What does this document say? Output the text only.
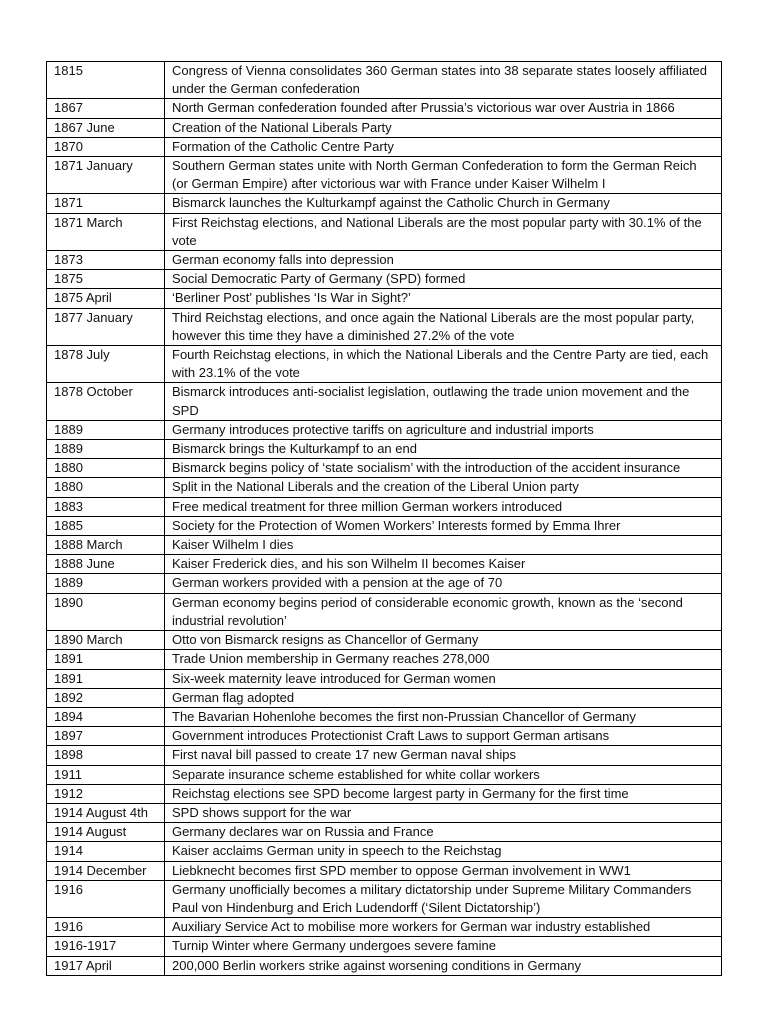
1815	Congress of Vienna consolidates 360 German states into 38 separate states loosely affiliated under the German confederation
1867	North German confederation founded after Prussia’s victorious war over Austria in 1866
1867 June	Creation of the National Liberals Party
1870	Formation of the Catholic Centre Party
1871 January	Southern German states unite with North German Confederation to form the German Reich (or German Empire) after victorious war with France under Kaiser Wilhelm I
1871	Bismarck launches the Kulturkampf against the Catholic Church in Germany
1871 March	First Reichstag elections, and National Liberals are the most popular party with 30.1% of the vote
1873	German economy falls into depression
1875	Social Democratic Party of Germany (SPD) formed
1875 April	‘Berliner Post’ publishes ‘Is War in Sight?’
1877 January	Third Reichstag elections, and once again the National Liberals are the most popular party, however this time they have a diminished 27.2% of the vote
1878 July	Fourth Reichstag elections, in which the National Liberals and the Centre Party are tied, each with 23.1% of the vote
1878 October	Bismarck introduces anti-socialist legislation, outlawing the trade union movement and the SPD
1889	Germany introduces protective tariffs on agriculture and industrial imports
1889	Bismarck brings the Kulturkampf to an end
1880	Bismarck begins policy of ‘state socialism’ with the introduction of the accident insurance
1880	Split in the National Liberals and the creation of the Liberal Union party
1883	Free medical treatment for three million German workers introduced
1885	Society for the Protection of Women Workers’ Interests formed by Emma Ihrer
1888 March	Kaiser Wilhelm I dies
1888 June	Kaiser Frederick dies, and his son Wilhelm II becomes Kaiser
1889	German workers provided with a pension at the age of 70
1890	German economy begins period of considerable economic growth, known as the ‘second industrial revolution’
1890 March	Otto von Bismarck resigns as Chancellor of Germany
1891	Trade Union membership in Germany reaches 278,000
1891	Six-week maternity leave introduced for German women
1892	German flag adopted
1894	The Bavarian Hohenlohe becomes the first non-Prussian Chancellor of Germany
1897	Government introduces Protectionist Craft Laws to support German artisans
1898	First naval bill passed to create 17 new German naval ships
1911	Separate insurance scheme established for white collar workers
1912	Reichstag elections see SPD become largest party in Germany for the first time
1914 August 4th	SPD shows support for the war
1914 August	Germany declares war on Russia and France
1914	Kaiser acclaims German unity in speech to the Reichstag
1914 December	Liebknecht becomes first SPD member to oppose German involvement in WW1
1916	Germany unofficially becomes a military dictatorship under Supreme Military Commanders Paul von Hindenburg and Erich Ludendorff (‘Silent Dictatorship’)
1916	Auxiliary Service Act to mobilise more workers for German war industry established
1916-1917	Turnip Winter where Germany undergoes severe famine
1917 April	200,000 Berlin workers strike against worsening conditions in Germany
